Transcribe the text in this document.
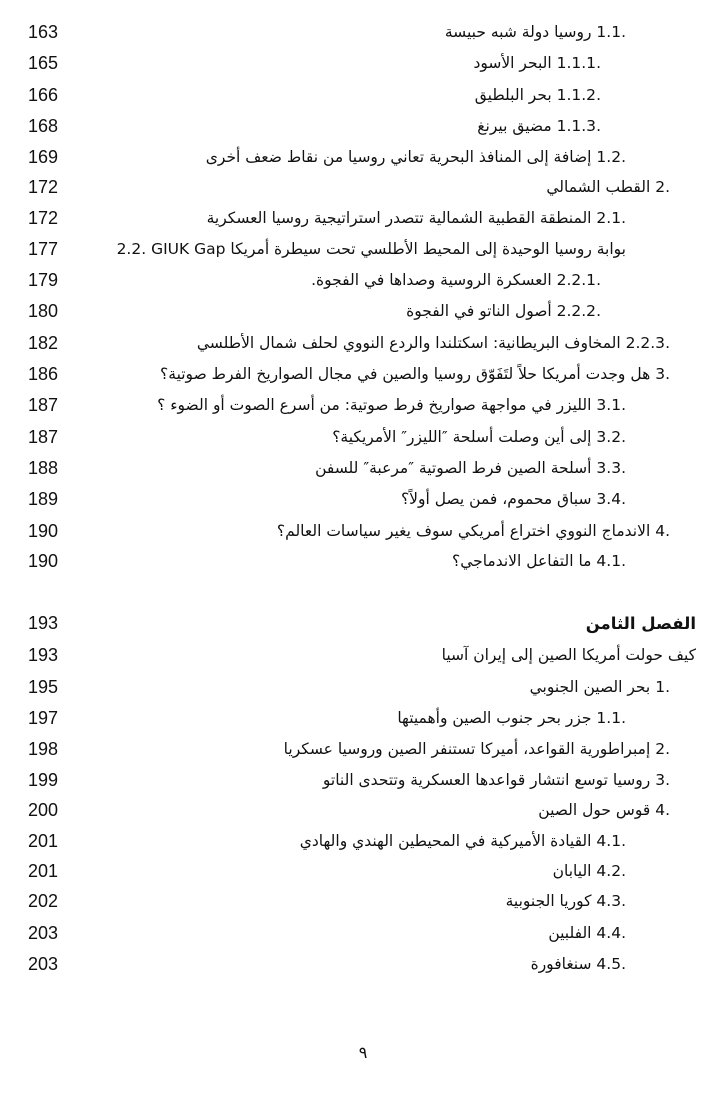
163	.1.1 روسيا دولة شبه حبيسة
165	.1.1.1 البحر الأسود
166	.1.1.2 بحر البلطيق
168	.1.1.3 مضيق بيرنغ
169	.1.2 إضافة إلى المنافذ البحرية تعاني روسيا من نقاط ضعف أخرى
172	.2 القطب الشمالي
172	.2.1 المنطقة القطبية الشمالية تتصدر استراتيجية روسيا العسكرية
177	2.2. GIUK Gap بوابة روسيا الوحيدة إلى المحيط الأطلسي تحت سيطرة أمريكا
179	.2.2.1 العسكرة الروسية وصداها في الفجوة.
180	.2.2.2 أصول الناتو في الفجوة
182	.2.2.3 المخاوف البريطانية: اسكتلندا والردع النووي لحلف شمال الأطلسي
186	.3 هل وجدت أمريكا حلاً لتَفَوّق روسيا والصين في مجال الصواريخ الفرط صوتية؟
187	.3.1 الليزر في مواجهة صواريخ فرط صوتية: من أسرع الصوت أو الضوء ؟
187	.3.2 إلى أين وصلت أسلحة ″الليزر″ الأمريكية؟
188	.3.3 أسلحة الصين فرط الصوتية ″مرعبة″ للسفن
189	.3.4 سباق محموم، فمن يصل أولاً؟
190	.4 الاندماج النووي اختراع أمريكي سوف يغير سياسات العالم؟
190	.4.1 ما التفاعل الاندماجي؟
193	الفصل الثامن
193	كيف حولت أمريكا الصين إلى إيران آسيا
195	.1 بحر الصين الجنوبي
197	.1.1 جزر بحر جنوب الصين وأهميتها
198	.2 إمبراطورية القواعد، أميركا تستنفر الصين وروسيا عسكريا
199	.3 روسيا توسع انتشار قواعدها العسكرية وتتحدى الناتو
200	.4 قوس حول الصين
201	.4.1 القيادة الأميركية في المحيطين الهندي والهادي
201	.4.2 اليابان
202	.4.3 كوريا الجنوبية
203	.4.4 الفلبين
203	.4.5 سنغافورة
٩
